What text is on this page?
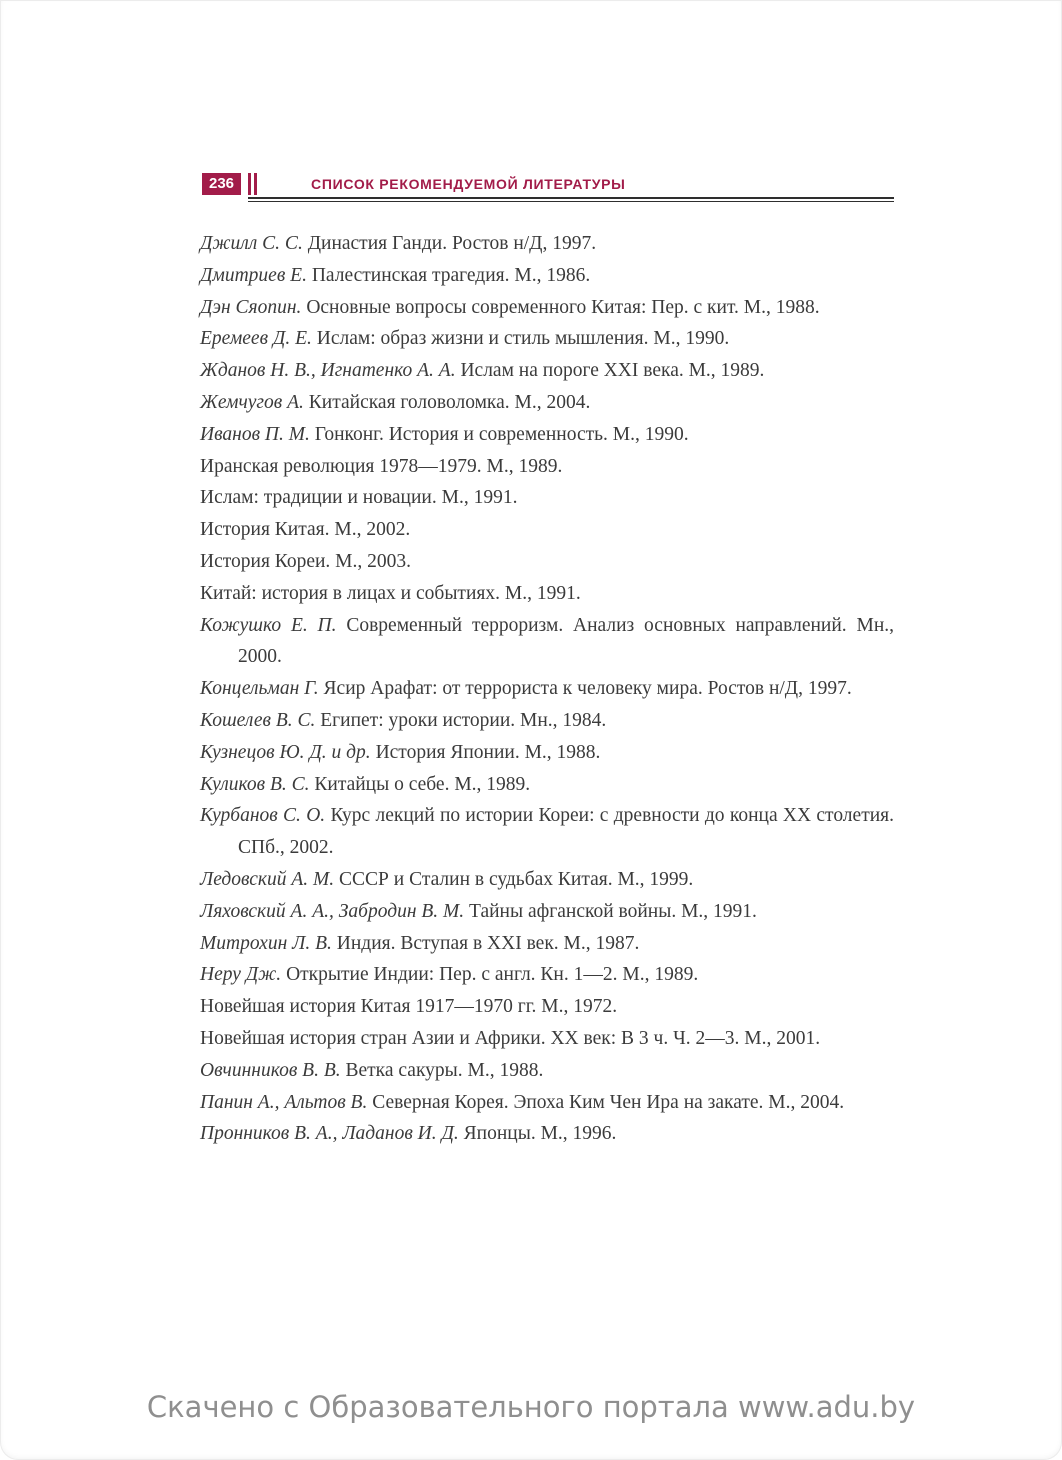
236	СПИСОК РЕКОМЕНДУЕМОЙ ЛИТЕРАТУРЫ

Джилл С. С. Династия Ганди. Ростов н/Д, 1997.

Дмитриев Е. Палестинская трагедия. М., 1986.

Дэн Сяопин. Основные вопросы современного Китая: Пер. с кит. М., 1988.

Еремеев Д. Е. Ислам: образ жизни и стиль мышления. М., 1990.

Жданов Н. В., Игнатенко А. А. Ислам на пороге XXI века. М., 1989.

Жемчугов А. Китайская головоломка. М., 2004.

Иванов П. М. Гонконг. История и современность. М., 1990.

Иранская революция 1978—1979. М., 1989.

Ислам: традиции и новации. М., 1991.

История Китая. М., 2002.

История Кореи. М., 2003.

Китай: история в лицах и событиях. М., 1991.

Кожушко Е. П. Современный терроризм. Анализ основных направлений. Мн., 2000.

Концельман Г. Ясир Арафат: от террориста к человеку мира. Ростов н/Д, 1997.

Кошелев В. С. Египет: уроки истории. Мн., 1984.

Кузнецов Ю. Д. и др. История Японии. М., 1988.

Куликов В. С. Китайцы о себе. М., 1989.

Курбанов С. О. Курс лекций по истории Кореи: с древности до конца XX столетия. СПб., 2002.

Ледовский А. М. СССР и Сталин в судьбах Китая. М., 1999.

Ляховский А. А., Забродин В. М. Тайны афганской войны. М., 1991.

Митрохин Л. В. Индия. Вступая в XXI век. М., 1987.

Неру Дж. Открытие Индии: Пер. с англ. Кн. 1—2. М., 1989.

Новейшая история Китая 1917—1970 гг. М., 1972.

Новейшая история стран Азии и Африки. XX век: В 3 ч. Ч. 2—3. М., 2001.

Овчинников В. В. Ветка сакуры. М., 1988.

Панин А., Альтов В. Северная Корея. Эпоха Ким Чен Ира на закате. М., 2004.

Пронников В. А., Ладанов И. Д. Японцы. М., 1996.

Скачено с Образовательного портала www.adu.by
